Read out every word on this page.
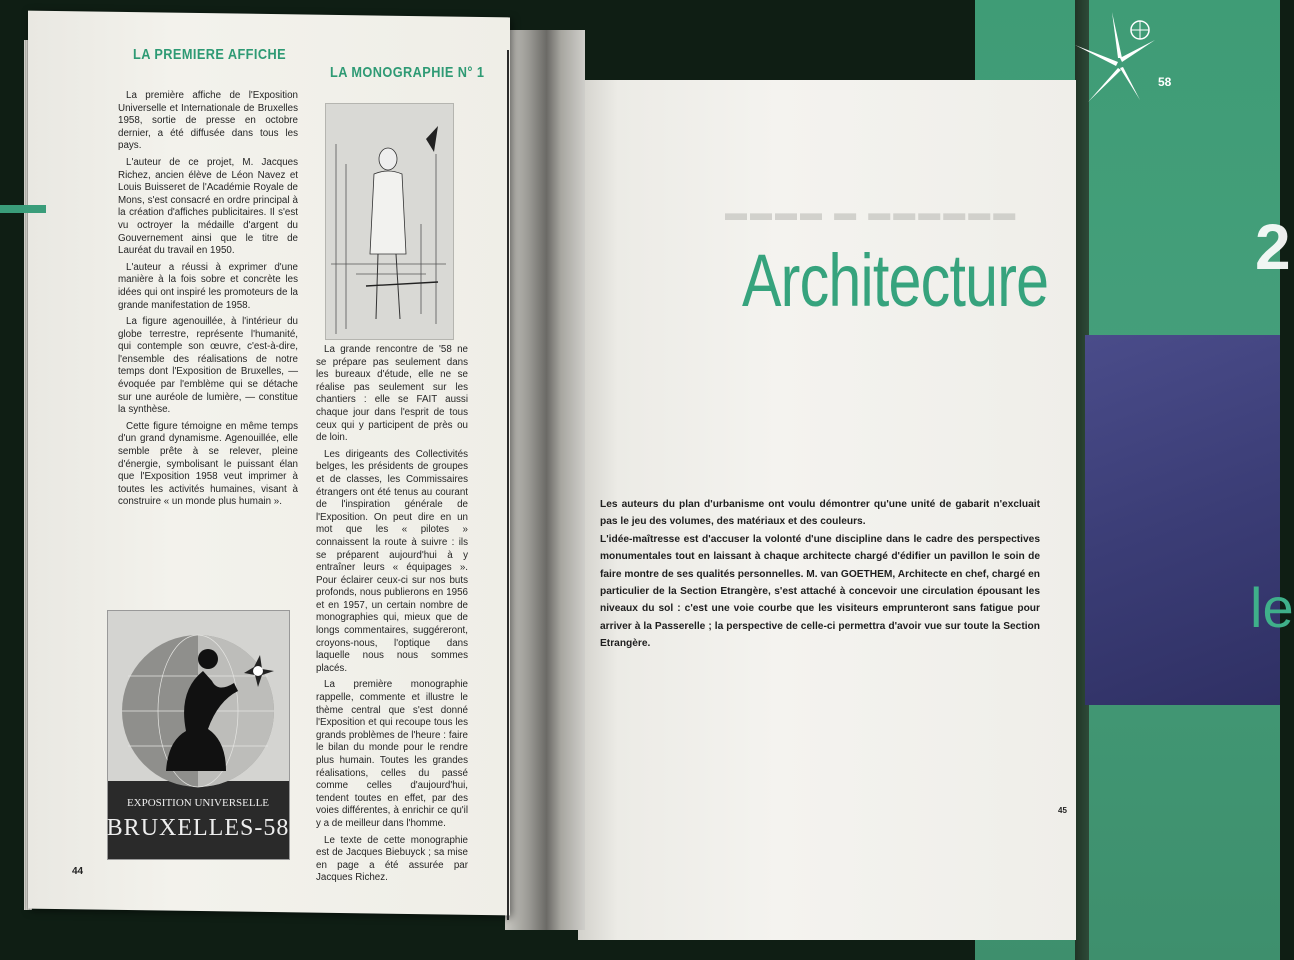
2
le
58
LA PREMIERE AFFICHE
LA MONOGRAPHIE N° 1

La première affiche de l'Exposition Universelle et Internationale de Bruxelles 1958, sortie de presse en octobre dernier, a été diffusée dans tous les pays.

L'auteur de ce projet, M. Jacques Richez, ancien élève de Léon Navez et Louis Buisseret de l'Académie Royale de Mons, s'est consacré en ordre principal à la création d'affiches publicitaires. Il s'est vu octroyer la médaille d'argent du Gouvernement ainsi que le titre de Lauréat du travail en 1950.

L'auteur a réussi à exprimer d'une manière à la fois sobre et concrète les idées qui ont inspiré les promoteurs de la grande manifestation de 1958.

La figure agenouillée, à l'intérieur du globe terrestre, représente l'humanité, qui contemple son œuvre, c'est-à-dire, l'ensemble des réalisations de notre temps dont l'Exposition de Bruxelles, — évoquée par l'emblème qui se détache sur une auréole de lumière, — constitue la synthèse.

Cette figure témoigne en même temps d'un grand dynamisme. Agenouillée, elle semble prête à se relever, pleine d'énergie, symbolisant le puissant élan que l'Exposition 1958 veut imprimer à toutes les activités humaines, visant à construire « un monde plus humain ».

La grande rencontre de '58 ne se prépare pas seulement dans les bureaux d'étude, elle ne se réalise pas seulement sur les chantiers : elle se FAIT aussi chaque jour dans l'esprit de tous ceux qui y participent de près ou de loin.

Les dirigeants des Collectivités belges, les présidents de groupes et de classes, les Commissaires étrangers ont été tenus au courant de l'inspiration générale de l'Exposition. On peut dire en un mot que les « pilotes » connaissent la route à suivre : ils se préparent aujourd'hui à y entraîner leurs « équipages ». Pour éclairer ceux-ci sur nos buts profonds, nous publierons en 1956 et en 1957, un certain nombre de monographies qui, mieux que de longs commentaires, suggéreront, croyons-nous, l'optique dans laquelle nous nous sommes placés.

La première monographie rappelle, commente et illustre le thème central que s'est donné l'Exposition et qui recoupe tous les grands problèmes de l'heure : faire le bilan du monde pour le rendre plus humain. Toutes les grandes réalisations, celles du passé comme celles d'aujourd'hui, tendent toutes en effet, par des voies différentes, à enrichir ce qu'il y a de meilleur dans l'homme.

Le texte de cette monographie est de Jacques Biebuyck ; sa mise en page a été assurée par Jacques Richez.

EXPOSITION UNIVERSELLE
BRUXELLES-58
44
▬▬▬▬ ▬ ▬▬▬▬▬▬
Architecture

Les auteurs du plan d'urbanisme ont voulu démontrer qu'une unité de gabarit n'excluait pas le jeu des volumes, des matériaux et des couleurs.

L'idée-maîtresse est d'accuser la volonté d'une discipline dans le cadre des perspectives monumentales tout en laissant à chaque architecte chargé d'édifier un pavillon le soin de faire montre de ses qualités personnelles. M. van GOETHEM, Architecte en chef, chargé en particulier de la Section Etrangère, s'est attaché à concevoir une circulation épousant les niveaux du sol : c'est une voie courbe que les visiteurs emprunteront sans fatigue pour arriver à la Passerelle ; la perspective de celle-ci permettra d'avoir vue sur toute la Section Etrangère.

45
